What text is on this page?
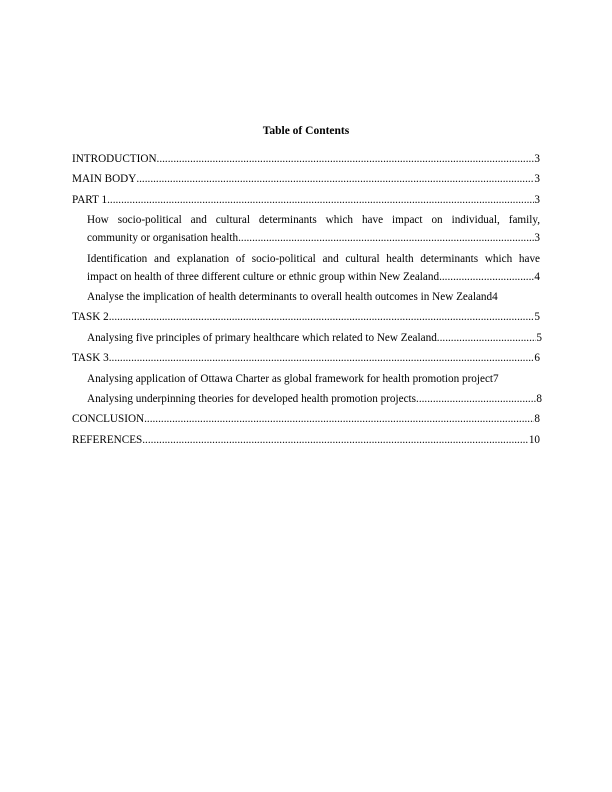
Table of Contents
INTRODUCTION .....	3
MAIN BODY .....	3
PART 1 .....	3
How socio-political and cultural determinants which have impact on individual, family,
community or organisation health .....	3
Identification and explanation of socio-political and cultural health determinants which have
impact on health of three different culture or ethnic group within New Zealand .....	4
Analyse the implication of health determinants to overall health outcomes in New Zealand 4
TASK 2 .....	5
Analysing five principles of primary healthcare which related to New Zealand .....	5
TASK 3 .....	6
Analysing application of Ottawa Charter as global framework for health promotion project 7
Analysing underpinning theories for developed health promotion projects .....	8
CONCLUSION .....	8
REFERENCES .....	10
